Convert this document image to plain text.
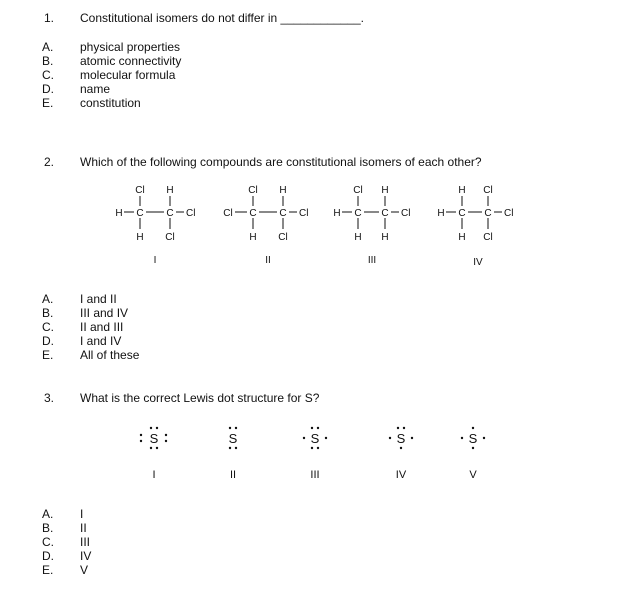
1. Constitutional isomers do not differ in ____________.
A.
B.
C.
D.
E.
physical properties
atomic connectivity
molecular formula
name
constitution
2. Which of the following compounds are constitutional isomers of each other?
Cl H
H C C Cl
H Cl
I
Cl H
Cl C C Cl
H Cl
II
Cl H
H C C Cl
H H
III
H Cl
H C C Cl
H Cl
IV
A.
B.
C.
D.
E.
I and II
III and IV
II and III
I and IV
All of these
3. What is the correct Lewis dot structure for S?
S
I
S
II
S
III
S
IV
S
V
A.
B.
C.
D.
E.
I
II
III
IV
V
